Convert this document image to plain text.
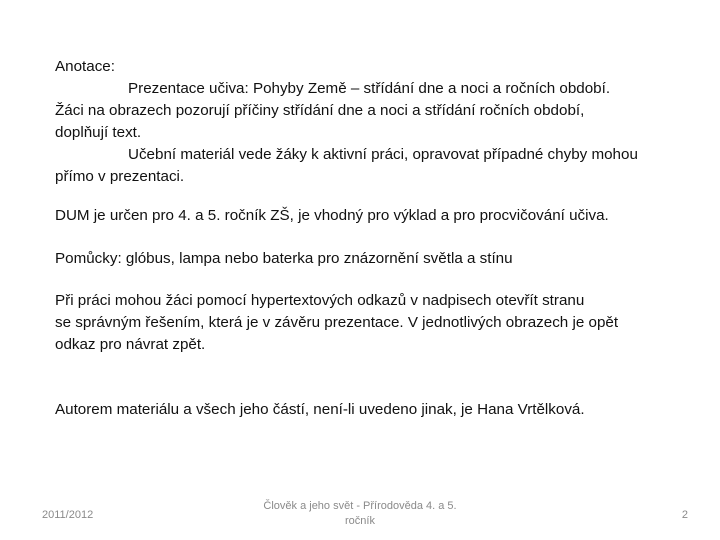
Anotace:
Prezentace učiva: Pohyby Země – střídání dne a noci a ročních období.
Žáci na obrazech pozorují příčiny střídání dne a noci a střídání ročních období,
doplňují text.
Učební materiál vede žáky k aktivní práci, opravovat případné chyby mohou
přímo v prezentaci.
DUM je určen pro 4. a 5. ročník ZŠ, je vhodný pro výklad a pro procvičování učiva.
Pomůcky: glóbus, lampa nebo baterka pro znázornění světla a stínu
Při práci mohou žáci pomocí hypertextových odkazů v nadpisech otevřít stranu
se správným řešením, která je v závěru prezentace. V jednotlivých obrazech je opět
odkaz pro návrat zpět.
Autorem materiálu a všech jeho částí, není-li uvedeno jinak, je Hana Vrtělková.
2011/2012
Člověk a jeho svět - Přírodověda 4. a 5.
ročník	2
